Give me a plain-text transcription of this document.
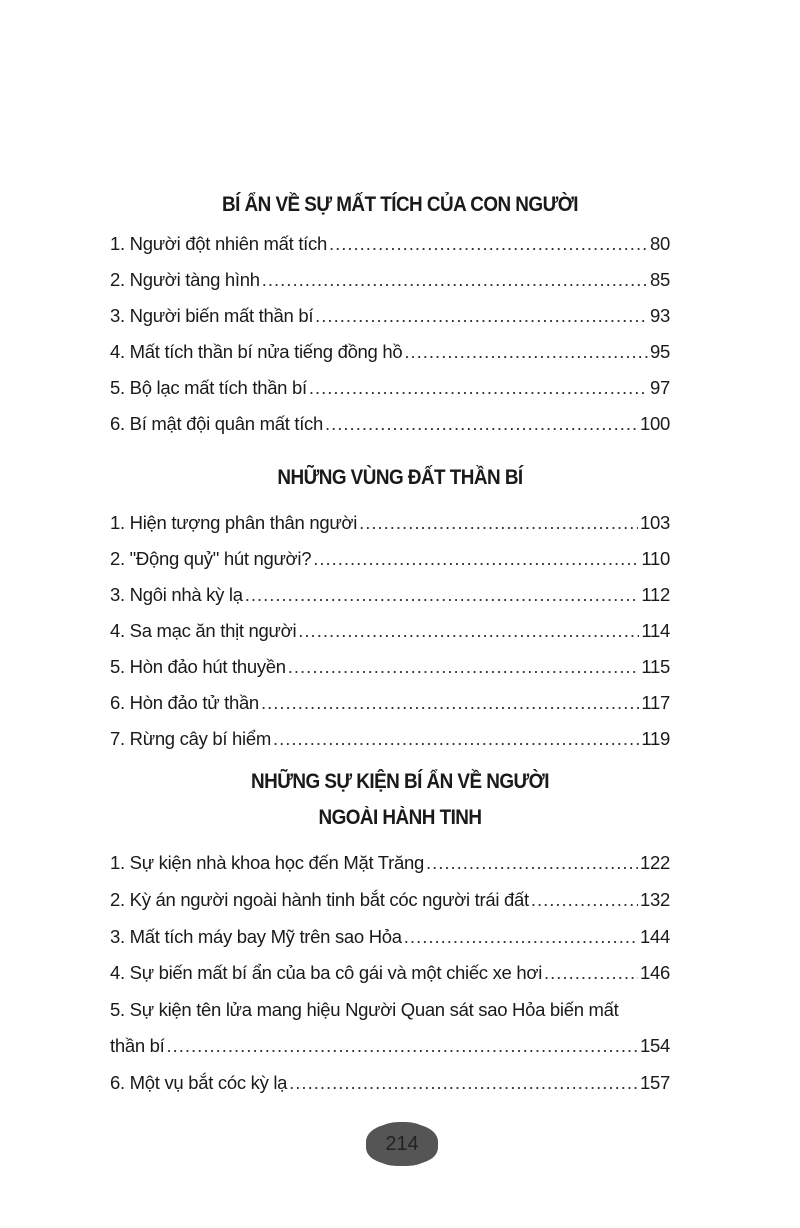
BÍ ẨN VỀ SỰ MẤT TÍCH CỦA CON NGƯỜI
1. Người đột nhiên mất tích .....	80
2. Người tàng hình .....	85
3. Người biến mất thần bí .....	93
4. Mất tích thần bí nửa tiếng đồng hồ .....	95
5. Bộ lạc mất tích thần bí .....	97
6. Bí mật đội quân mất tích .....	100
NHỮNG VÙNG ĐẤT THẦN BÍ
1. Hiện tượng phân thân người .....	103
2. "Động quỷ" hút người? .....	110
3. Ngôi nhà kỳ lạ .....	112
4. Sa mạc ăn thịt người .....	114
5. Hòn đảo hút thuyền .....	115
6. Hòn đảo tử thần .....	117
7. Rừng cây bí hiểm .....	119
NHỮNG SỰ KIỆN BÍ ẨN VỀ NGƯỜI
NGOÀI HÀNH TINH
1. Sự kiện nhà khoa học đến Mặt Trăng .....	122
2. Kỳ án người ngoài hành tinh bắt cóc người trái đất .....	132
3. Mất tích máy bay Mỹ trên sao Hỏa .....	144
4. Sự biến mất bí ẩn của ba cô gái và một chiếc xe hơi .....	146
5. Sự kiện tên lửa mang hiệu Người Quan sát sao Hỏa biến mất
thần bí .....	154
6. Một vụ bắt cóc kỳ lạ .....	157
214
